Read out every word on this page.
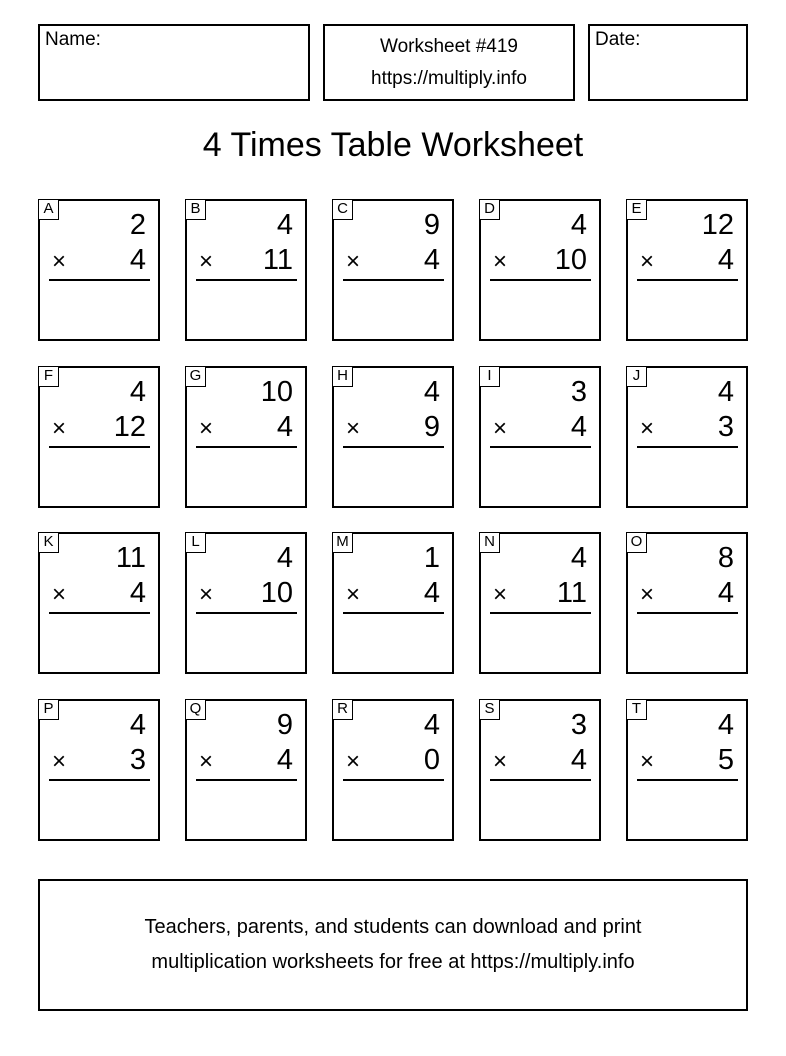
Name:	Worksheet #419
https://multiply.info
Date:
4 Times Table Worksheet
A
2
× 4
B
4
× 11
C
9
× 4
D
4
× 10
E
12
× 4
F
4
× 12
G
10
× 4
H
4
× 9
I
3
× 4
J
4
× 3
K
11
× 4
L
4
× 10
M
1
× 4
N
4
× 11
O
8
× 4
P
4
× 3
Q
9
× 4
R
4
× 0
S
3
× 4
T
4
× 5
Teachers, parents, and students can download and print
multiplication worksheets for free at https://multiply.info
